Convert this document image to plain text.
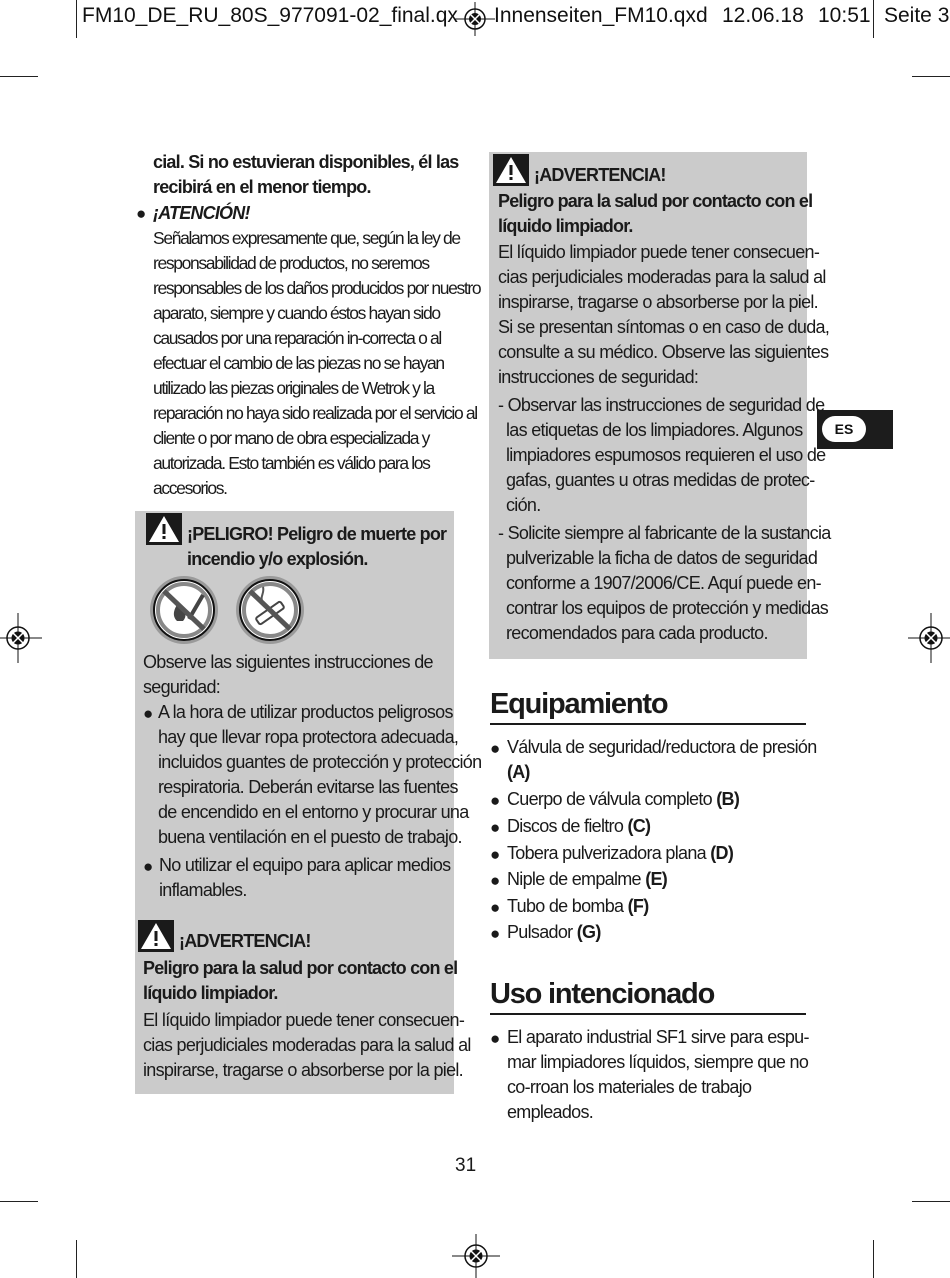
FM10_DE_RU_80S_977091-02_final.qx Innenseiten_FM10.qxd 12.06.18 10:51 Seite 3
ES
cial. Si no estuvieran disponibles, él las
recibirá en el menor tiempo.
● ¡ATENCIÓN!
Señalamos expresamente que, según la ley de
responsabilidad de productos, no seremos
responsables de los daños producidos por nuestro
aparato, siempre y cuando éstos hayan sido
causados por una reparación in-correcta o al
efectuar el cambio de las piezas no se hayan
utilizado las piezas originales de Wetrok y la
reparación no haya sido realizada por el servicio al
cliente o por mano de obra especializada y
autorizada. Esto también es válido para los
accesorios.
¡PELIGRO! Peligro de muerte por
incendio y/o explosión.
Observe las siguientes instrucciones de
seguridad:
● A la hora de utilizar productos peligrosos
hay que llevar ropa protectora adecuada,
incluidos guantes de protección y protección
respiratoria. Deberán evitarse las fuentes
de encendido en el entorno y procurar una
buena ventilación en el puesto de trabajo.
● No utilizar el equipo para aplicar medios
inflamables.
¡ADVERTENCIA!
Peligro para la salud por contacto con el
líquido limpiador.
El líquido limpiador puede tener consecuen-
cias perjudiciales moderadas para la salud al
inspirarse, tragarse o absorberse por la piel.
¡ADVERTENCIA!
Peligro para la salud por contacto con el
líquido limpiador.
El líquido limpiador puede tener consecuen-
cias perjudiciales moderadas para la salud al
inspirarse, tragarse o absorberse por la piel.
Si se presentan síntomas o en caso de duda,
consulte a su médico. Observe las siguientes
instrucciones de seguridad:
- Observar las instrucciones de seguridad de
las etiquetas de los limpiadores. Algunos
limpiadores espumosos requieren el uso de
gafas, guantes u otras medidas de protec-
ción.
- Solicite siempre al fabricante de la sustancia
pulverizable la ficha de datos de seguridad
conforme a 1907/2006/CE. Aquí puede en-
contrar los equipos de protección y medidas
recomendados para cada producto.
Equipamiento
● Válvula de seguridad/reductora de presión
(A)
● Cuerpo de válvula completo (B)
● Discos de fieltro (C)
● Tobera pulverizadora plana (D)
● Niple de empalme (E)
● Tubo de bomba (F)
● Pulsador (G)
Uso intencionado
● El aparato industrial SF1 sirve para espu-
mar limpiadores líquidos, siempre que no
co-rroan los materiales de trabajo
empleados.
31
